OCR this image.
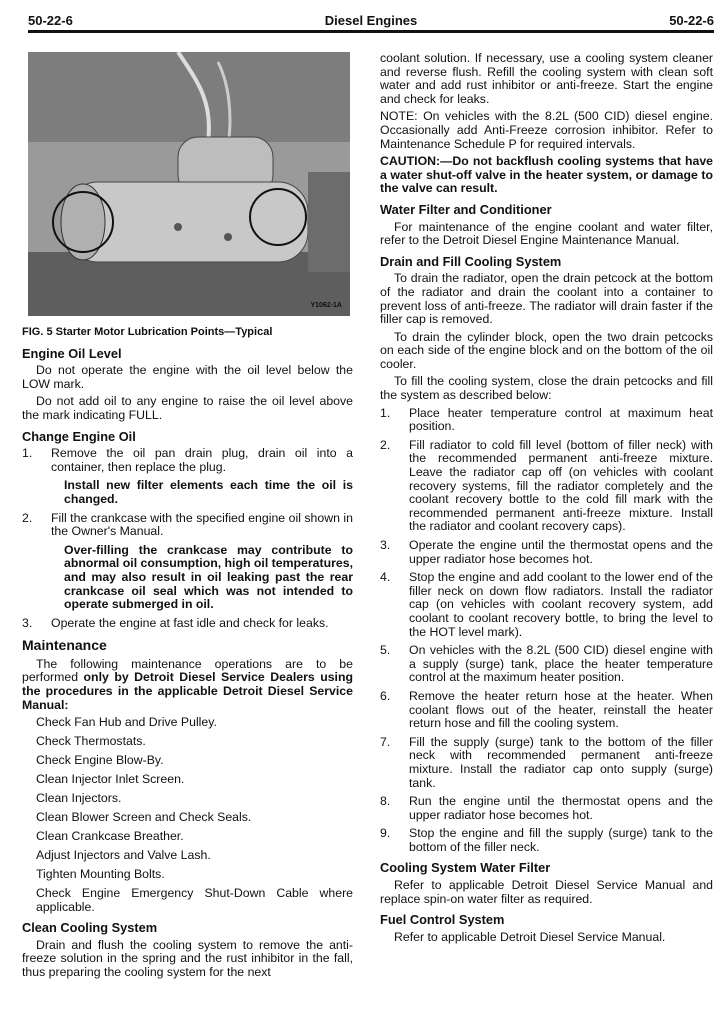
50-22-6	Diesel Engines	50-22-6
Y1062-1A
FIG. 5 Starter Motor Lubrication Points—Typical
Engine Oil Level

Do not operate the engine with the oil level below the LOW mark.

Do not add oil to any engine to raise the oil level above the mark indicating FULL.

Change Engine Oil
1. Remove the oil pan drain plug, drain oil into a container, then replace the plug.
Install new filter elements each time the oil is changed.
2. Fill the crankcase with the specified engine oil shown in the Owner's Manual.
Over-filling the crankcase may contribute to abnormal oil consumption, high oil temperatures, and may also result in oil leaking past the rear crankcase oil seal which was not intended to operate submerged in oil.
3. Operate the engine at fast idle and check for leaks.
Maintenance

The following maintenance operations are to be performed only by Detroit Diesel Service Dealers using the procedures in the applicable Detroit Diesel Service Manual:

Check Fan Hub and Drive Pulley.
Check Thermostats.
Check Engine Blow-By.
Clean Injector Inlet Screen.
Clean Injectors.
Clean Blower Screen and Check Seals.
Clean Crankcase Breather.
Adjust Injectors and Valve Lash.
Tighten Mounting Bolts.
Check Engine Emergency Shut-Down Cable where applicable.
Clean Cooling System

Drain and flush the cooling system to remove the anti-freeze solution in the spring and the rust inhibitor in the fall, thus preparing the cooling system for the next

coolant solution. If necessary, use a cooling system cleaner and reverse flush. Refill the cooling system with clean soft water and add rust inhibitor or anti-freeze. Start the engine and check for leaks.

NOTE: On vehicles with the 8.2L (500 CID) diesel engine. Occasionally add Anti-Freeze corrosion inhibitor. Refer to Maintenance Schedule P for required intervals.

CAUTION:—Do not backflush cooling systems that have a water shut-off valve in the heater system, or damage to the valve can result.

Water Filter and Conditioner

For maintenance of the engine coolant and water filter, refer to the Detroit Diesel Engine Maintenance Manual.

Drain and Fill Cooling System

To drain the radiator, open the drain petcock at the bottom of the radiator and drain the coolant into a container to prevent loss of anti-freeze. The radiator will drain faster if the filler cap is removed.

To drain the cylinder block, open the two drain petcocks on each side of the engine block and on the bottom of the oil cooler.

To fill the cooling system, close the drain petcocks and fill the system as described below:

1. Place heater temperature control at maximum heat position.
2. Fill radiator to cold fill level (bottom of filler neck) with the recommended permanent anti-freeze mixture. Leave the radiator cap off (on vehicles with coolant recovery systems, fill the radiator completely and the coolant recovery bottle to the cold fill mark with the recommended permanent anti-freeze mixture. Install the radiator and coolant recovery caps).
3. Operate the engine until the thermostat opens and the upper radiator hose becomes hot.
4. Stop the engine and add coolant to the lower end of the filler neck on down flow radiators. Install the radiator cap (on vehicles with coolant recovery system, add coolant to coolant recovery bottle, to bring the level to the HOT level mark).
5. On vehicles with the 8.2L (500 CID) diesel engine with a supply (surge) tank, place the heater temperature control at the maximum heater position.
6. Remove the heater return hose at the heater. When coolant flows out of the heater, reinstall the heater return hose and fill the cooling system.
7. Fill the supply (surge) tank to the bottom of the filler neck with recommended permanent anti-freeze mixture. Install the radiator cap onto supply (surge) tank.
8. Run the engine until the thermostat opens and the upper radiator hose becomes hot.
9. Stop the engine and fill the supply (surge) tank to the bottom of the filler neck.
Cooling System Water Filter

Refer to applicable Detroit Diesel Service Manual and replace spin-on water filter as required.

Fuel Control System

Refer to applicable Detroit Diesel Service Manual.
